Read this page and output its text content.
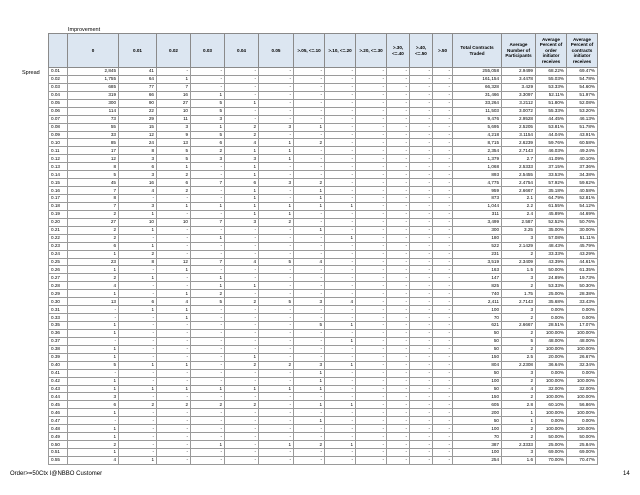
Improvement
Spread
	0	0.01	0.02	0.03	0.04	0.05	>.05, <=.10	>.10, <=.20	>.20, <=.30	>.30, <=.40	>.40, <=.50	>.50	Total Contracts Traded	Average Number of Participants	Average Percent of order initiator receives	Average Percent of contracts initiator receives
0.01	2,845	41	-	-	-	-	-	-	-	-	-	-	255,058	2.9499	68.22%	69.47%
0.02	1,755	64	1	-	-	-	-	-	-	-	-	-	161,154	3.4478	55.03%	54.78%
0.03	685	77	7	-	-	-	-	-	-	-	-	-	66,328	3.429	53.33%	54.60%
0.04	319	66	16	1	-	-	-	-	-	-	-	-	31,466	3.3097	52.11%	51.97%
0.05	300	90	27	5	1	-	-	-	-	-	-	-	33,264	3.2112	51.80%	52.08%
0.06	114	22	10	5	-	-	-	-	-	-	-	-	11,503	3.0072	55.33%	53.20%
0.07	73	29	11	3	-	-	-	-	-	-	-	-	9,476	2.9528	44.45%	46.13%
0.08	55	15	3	1	2	3	1	-	-	-	-	-	5,695	2.5205	53.81%	51.78%
0.09	33	12	9	5	2	-	-	-	-	-	-	-	4,218	3.1154	44.04%	43.91%
0.10	85	24	13	6	4	1	2	-	-	-	-	-	8,715	2.6239	59.76%	60.58%
0.11	17	8	5	2	1	1	-	-	-	-	-	-	2,354	2.7143	46.03%	49.24%
0.12	12	3	5	3	3	1	-	-	-	-	-	-	1,379	2.7	41.09%	40.10%
0.13	8	6	1	-	1	-	-	-	-	-	-	-	1,068	2.5333	37.15%	37.36%
0.14	5	3	2	-	1	-	-	-	-	-	-	-	893	2.5455	33.53%	34.38%
0.15	45	16	6	7	6	3	2	-	-	-	-	-	4,775	2.4754	57.92%	59.62%
0.16	7	4	2	-	1	-	1	-	-	-	-	-	959	2.6667	35.18%	40.58%
0.17	8	-	-	-	1	-	1	-	-	-	-	-	873	2.1	64.79%	52.81%
0.18	7	3	1	1	1	1	1	1	-	-	-	-	1,044	2.2	61.55%	54.12%
0.19	2	1	-	-	1	1	-	-	-	-	-	-	311	2.4	45.89%	44.69%
0.20	27	10	10	7	3	2	-	-	-	-	-	-	3,499	2.587	52.52%	50.76%
0.21	2	1	-	-	-	-	1	-	-	-	-	-	300	3.25	35.00%	30.00%
0.22	2	-	-	1	-	-	-	1	-	-	-	-	180	3	57.08%	51.11%
0.23	6	1	-	-	-	-	-	-	-	-	-	-	522	2.1429	48.43%	45.79%
0.24	1	2	-	-	-	-	-	-	-	-	-	-	231	2	33.33%	43.29%
0.25	23	8	12	7	4	5	4	-	-	-	-	-	3,519	2.3409	43.39%	44.61%
0.26	1	-	1	-	-	-	-	-	-	-	-	-	163	1.5	50.00%	61.35%
0.27	2	1	-	1	-	-	-	-	-	-	-	-	147	3	24.89%	19.73%
0.28	4	-	-	1	1	-	-	-	-	-	-	-	825	2	53.33%	50.30%
0.29	1	-	1	2	-	-	-	-	-	-	-	-	740	1.75	25.00%	28.38%
0.30	13	6	4	5	2	5	3	4	-	-	-	-	2,411	2.7143	35.68%	33.43%
0.31	-	1	1	-	-	-	-	-	-	-	-	-	100	3	0.00%	0.00%
0.33	-	-	1	-	-	-	-	-	-	-	-	-	70	2	0.00%	0.00%
0.35	1	-	-	-	-	-	5	1	-	-	-	-	621	2.6667	28.51%	17.07%
0.36	1	-	-	-	-	-	-	-	-	-	-	-	50	2	100.00%	100.00%
0.37	-	-	-	-	-	-	-	1	-	-	-	-	50	5	48.00%	48.00%
0.38	1	-	-	-	-	-	-	-	-	-	-	-	50	2	100.00%	100.00%
0.39	1	-	-	-	1	-	-	-	-	-	-	-	150	2.5	20.00%	26.67%
0.40	5	1	1	-	2	2	3	1	-	-	-	-	804	2.2308	36.64%	32.34%
0.41	-	-	-	-	-	-	1	-	-	-	-	-	50	3	0.00%	0.00%
0.42	1	-	-	-	-	-	1	-	-	-	-	-	100	2	100.00%	100.00%
0.43	1	1	1	1	1	1	1	-	-	-	-	-	50	4	32.00%	32.00%
0.44	3	-	-	-	-	-	-	-	-	-	-	-	150	2	100.00%	100.00%
0.45	6	2	2	2	2	-	1	1	-	-	-	-	605	2.8	60.10%	56.86%
0.46	1	-	-	-	-	-	-	-	-	-	-	-	200	1	100.00%	100.00%
0.47	-	-	-	-	-	-	1	-	-	-	-	-	50	1	0.00%	0.00%
0.48	1	-	-	-	-	-	-	-	-	-	-	-	100	2	100.00%	100.00%
0.49	1	-	-	-	-	-	-	-	-	-	-	-	70	2	50.00%	50.00%
0.50	2	-	-	1	-	1	2	1	-	-	-	-	387	2.3333	25.00%	25.84%
0.51	1	-	-	-	-	-	-	-	-	-	-	-	100	3	69.00%	69.00%
0.55	4	1	-	-	-	-	-	-	-	-	-	-	254	1.6	70.00%	70.47%
Order>=50Ctx I@NBBO Customer	14
